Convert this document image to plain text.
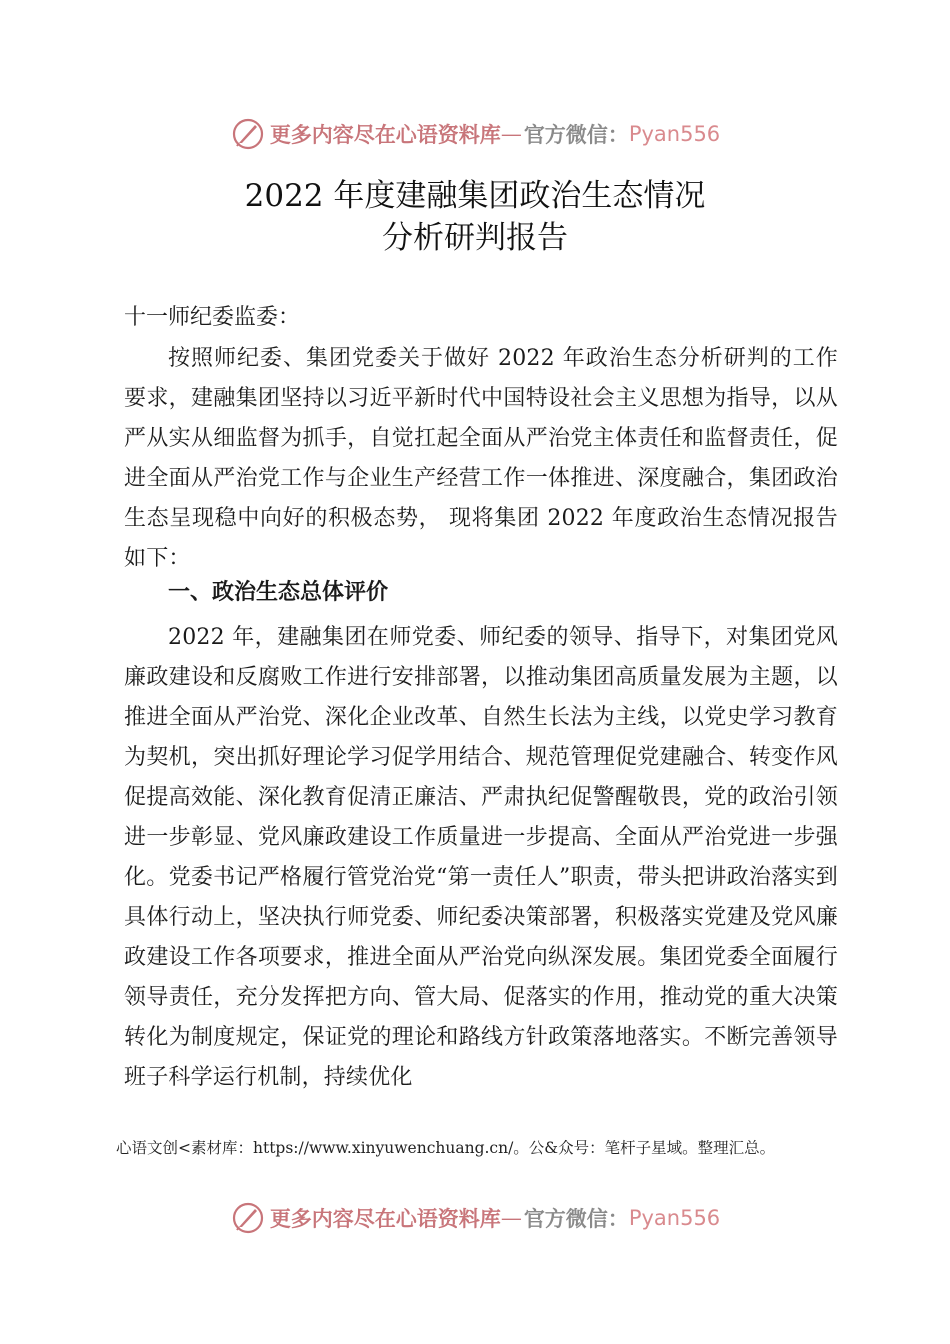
更多内容尽在心语资料库 — 官方微信： Pyan556
2022 年度建融集团政治生态情况
分析研判报告
十一师纪委监委：
按照师纪委、集团党委关于做好 2022 年政治生态分析研判的工作要求，建融集团坚持以习近平新时代中国特设社会主义思想为指导，以从严从实从细监督为抓手，自觉扛起全面从严治党主体责任和监督责任，促进全面从严治党工作与企业生产经营工作一体推进、深度融合，集团政治生态呈现稳中向好的积极态势， 现将集团 2022 年度政治生态情况报告如下：
一、政治生态总体评价
2022 年，建融集团在师党委、师纪委的领导、指导下，对集团党风廉政建设和反腐败工作进行安排部署，以推动集团高质量发展为主题，以推进全面从严治党、深化企业改革、自然生长法为主线，以党史学习教育为契机，突出抓好理论学习促学用结合、规范管理促党建融合、转变作风促提高效能、深化教育促清正廉洁、严肃执纪促警醒敬畏，党的政治引领进一步彰显、党风廉政建设工作质量进一步提高、全面从严治党进一步强化。党委书记严格履行管党治党“第一责任人”职责，带头把讲政治落实到具体行动上，坚决执行师党委、师纪委决策部署，积极落实党建及党风廉政建设工作各项要求，推进全面从严治党向纵深发展。集团党委全面履行领导责任，充分发挥把方向、管大局、促落实的作用，推动党的重大决策转化为制度规定，保证党的理论和路线方针政策落地落实。不断完善领导班子科学运行机制，持续优化
心语文创<素材库：https://www.xinyuwenchuang.cn/。公&众号：笔杆子星域。整理汇总。
更多内容尽在心语资料库 — 官方微信： Pyan556
